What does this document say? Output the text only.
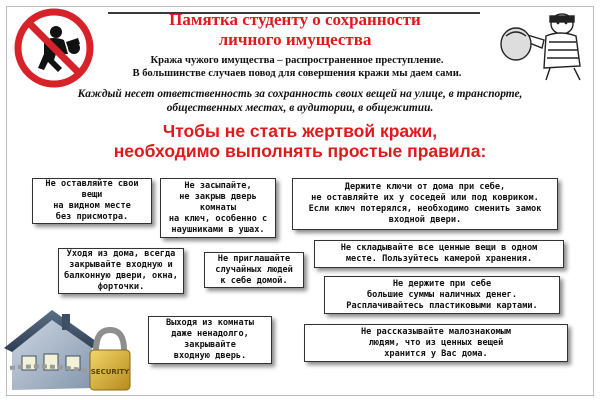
Памятка студенту о сохранности
личного имущества
Кража чужого имущества – распространенное преступление.
В большинстве случаев повод для совершения кражи мы даем сами.
Каждый несет ответственность за сохранность своих вещей на улице, в транспорте,
общественных местах, в аудитории, в общежитии.
Чтобы не стать жертвой кражи,
необходимо выполнять простые правила:
Не оставляйте свои
вещи
на видном месте
без присмотра.
Не засыпайте,
не закрыв дверь
комнаты
на ключ, особенно с
наушниками в ушах.
Держите ключи от дома при себе,
не оставляйте их у соседей или под ковриком.
Если ключ потерялся, необходимо сменить замок
входной двери.
Не складывайте все ценные вещи в одном
месте. Пользуйтесь камерой хранения.
Уходя из дома, всегда
закрывайте входную и
балконную двери, окна,
форточки.
Не приглашайте
случайных людей
к себе домой.	Не держите при себе
большие суммы наличных денег.
Расплачивайтесь пластиковыми картами.
Выходя из комнаты
даже ненадолго,
закрывайте
входную дверь.
Не рассказывайте малознакомым
людям, что из ценных вещей
хранится у Вас дома.
SECURITY
